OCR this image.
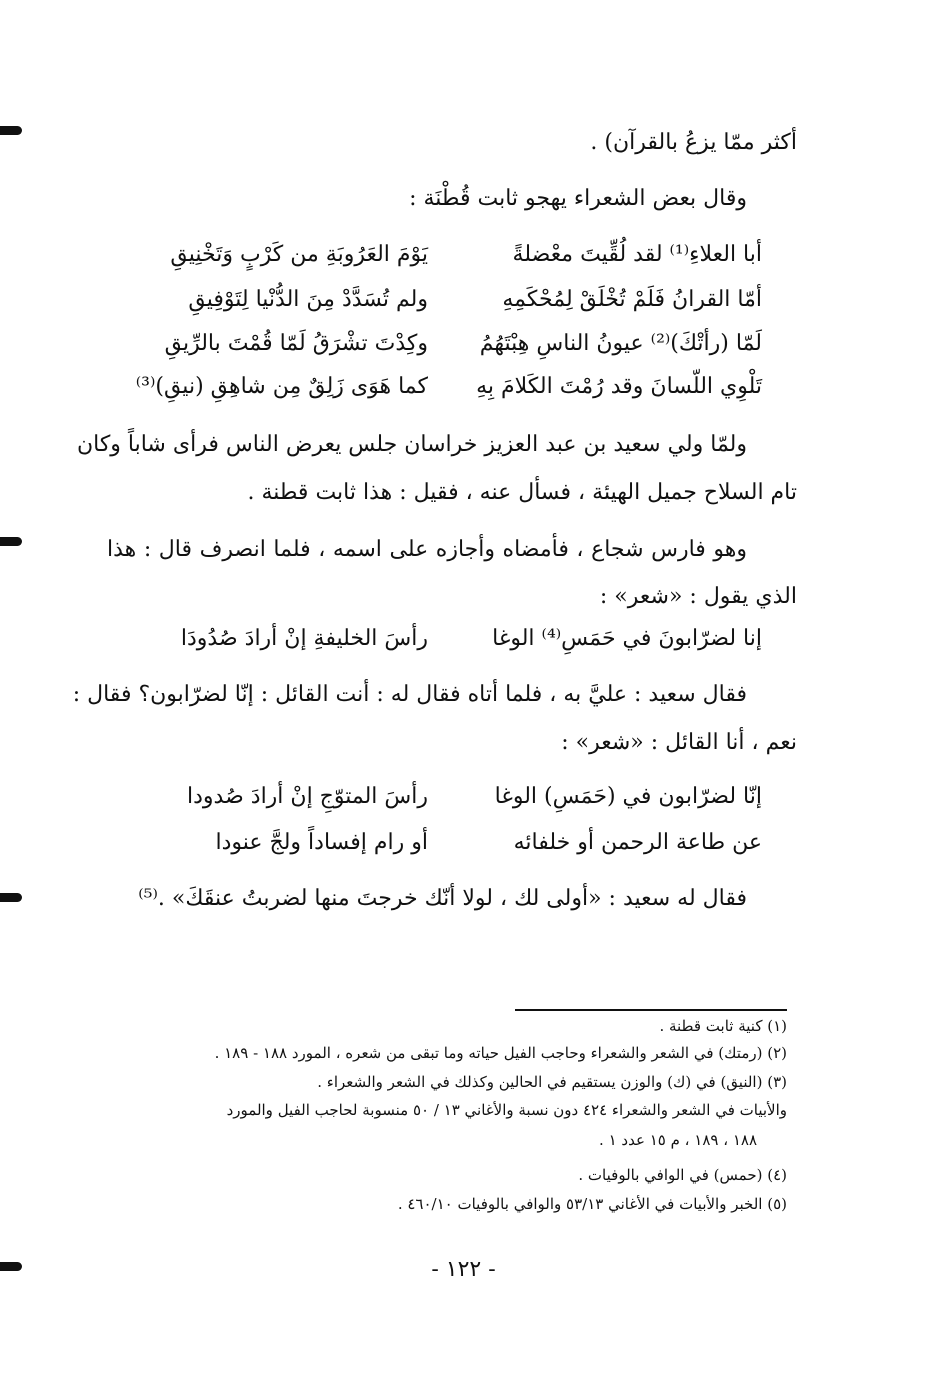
أكثر ممّا يزعُ بالقرآن) .
وقال بعض الشعراء يهجو ثابت قُطْنَة :
أبا العلاءِ⁽¹⁾ لقد لُقِّيتَ معْضلةً
يَوْمَ العَرُوبَةِ من كَرْبٍ وَتَخْنِيقِ
أمّا القرانُ فَلَمْ تُخْلَقْ لِمُحْكَمِهِ
ولم تُسَدَّدْ مِنَ الدُّنْيا لِتَوْفِيقِ
لَمّا (رأتْكَ)⁽²⁾ عيونُ الناسِ هِبْتَهُمُ
وكِدْتَ تشْرَقُ لَمّا قُمْتَ بالرِّيقِ
تَلْوِي اللّسانَ وقد رُمْتَ الكَلامَ بِهِ
كما هَوَى زَلِقٌ مِن شاهِقِ (نيقِ)⁽³⁾
ولمّا ولي سعيد بن عبد العزيز خراسان جلس يعرض الناس فرأى شاباً وكان
تام السلاح جميل الهيئة ، فسأل عنه ، فقيل : هذا ثابت قطنة .
وهو فارس شجاع ، فأمضاه وأجازه على اسمه ، فلما انصرف قال : هذا
الذي يقول : «شعر» :
إنا لضرّابونَ في حَمَسِ⁽⁴⁾ الوغا
رأسَ الخليفةِ إنْ أرادَ صُدُودَا
فقال سعيد : عليَّ به ، فلما أتاه فقال له : أنت القائل : إنّا لضرّابون؟ فقال :
نعم ، أنا القائل : «شعر» :
إنّا لضرّابون في (حَمَسِ) الوغا
رأسَ المتوّجِ إنْ أرادَ صُدودا
عن طاعة الرحمن أو خلفائه
أو رام إفساداً ولجَّ عنودا
فقال له سعيد : «أولى لك ، لولا أنّك خرجتَ منها لضربتُ عنقَكَ» .⁽⁵⁾
(١) كنية ثابت قطنة .
(٢) (رمتك) في الشعر والشعراء وحاجب الفيل حياته وما تبقى من شعره ، المورد ١٨٨ - ١٨٩ .
(٣) (النيق) في (ك) والوزن يستقيم في الحالين وكذلك في الشعر والشعراء .
والأبيات في الشعر والشعراء ٤٢٤ دون نسبة والأغاني ١٣ / ٥٠ منسوبة لحاجب الفيل والمورد
١٨٨ ، ١٨٩ ، م ١٥ عدد ١ .
(٤) (حمس) في الوافي بالوفيات .
(٥) الخبر والأبيات في الأغاني ٥٣/١٣ والوافي بالوفيات ٤٦٠/١٠ .
- ١٢٢ -
